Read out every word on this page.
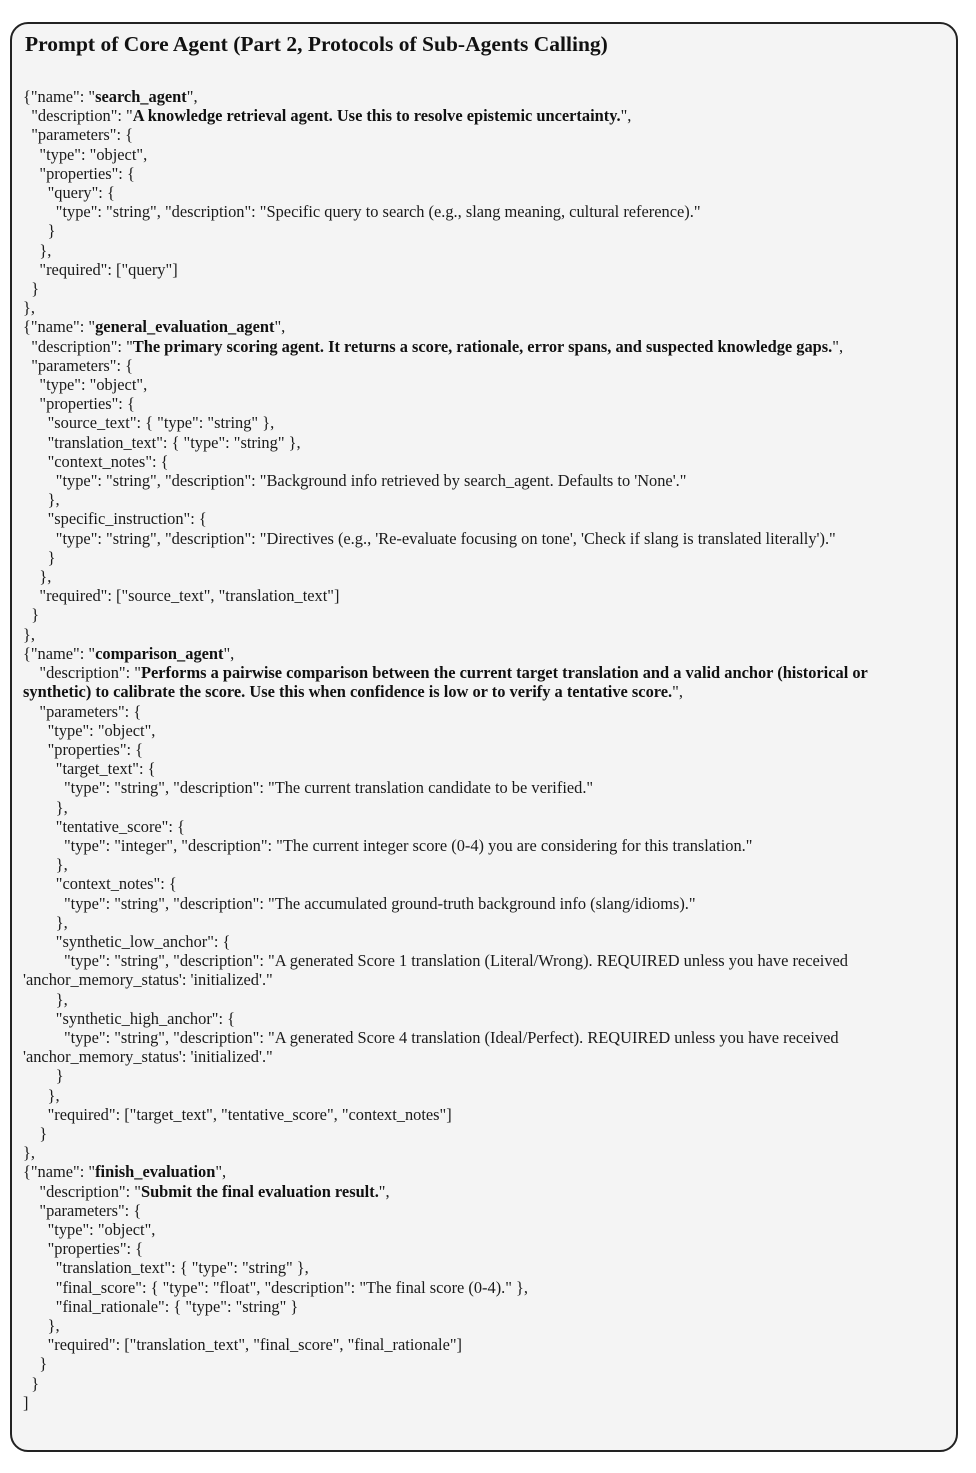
Prompt of Core Agent (Part 2, Protocols of Sub-Agents Calling)
{"name": "search_agent",
"description": "A knowledge retrieval agent. Use this to resolve epistemic uncertainty.",
"parameters": {
"type": "object",
"properties": {
"query": {
"type": "string", "description": "Specific query to search (e.g., slang meaning, cultural reference)."
}
},
"required": ["query"]
}
},
{"name": "general_evaluation_agent",
"description": "The primary scoring agent. It returns a score, rationale, error spans, and suspected knowledge gaps.",
"parameters": {
"type": "object",
"properties": {
"source_text": { "type": "string" },
"translation_text": { "type": "string" },
"context_notes": {
"type": "string", "description": "Background info retrieved by search_agent. Defaults to 'None'."
},
"specific_instruction": {
"type": "string", "description": "Directives (e.g., 'Re-evaluate focusing on tone', 'Check if slang is translated literally')."
}
},
"required": ["source_text", "translation_text"]
}
},
{"name": "comparison_agent",
"description": "Performs a pairwise comparison between the current target translation and a valid anchor (historical or synthetic) to calibrate the score. Use this when confidence is low or to verify a tentative score.",
"parameters": {
"type": "object",
"properties": {
"target_text": {
"type": "string", "description": "The current translation candidate to be verified."
},
"tentative_score": {
"type": "integer", "description": "The current integer score (0-4) you are considering for this translation."
},
"context_notes": {
"type": "string", "description": "The accumulated ground-truth background info (slang/idioms)."
},
"synthetic_low_anchor": {
"type": "string", "description": "A generated Score 1 translation (Literal/Wrong). REQUIRED unless you have received 'anchor_memory_status': 'initialized'."
},
"synthetic_high_anchor": {
"type": "string", "description": "A generated Score 4 translation (Ideal/Perfect). REQUIRED unless you have received 'anchor_memory_status': 'initialized'."
}
},
"required": ["target_text", "tentative_score", "context_notes"]
}
},
{"name": "finish_evaluation",
"description": "Submit the final evaluation result.",
"parameters": {
"type": "object",
"properties": {
"translation_text": { "type": "string" },
"final_score": { "type": "float", "description": "The final score (0-4)." },
"final_rationale": { "type": "string" }
},
"required": ["translation_text", "final_score", "final_rationale"]
}
}
]
